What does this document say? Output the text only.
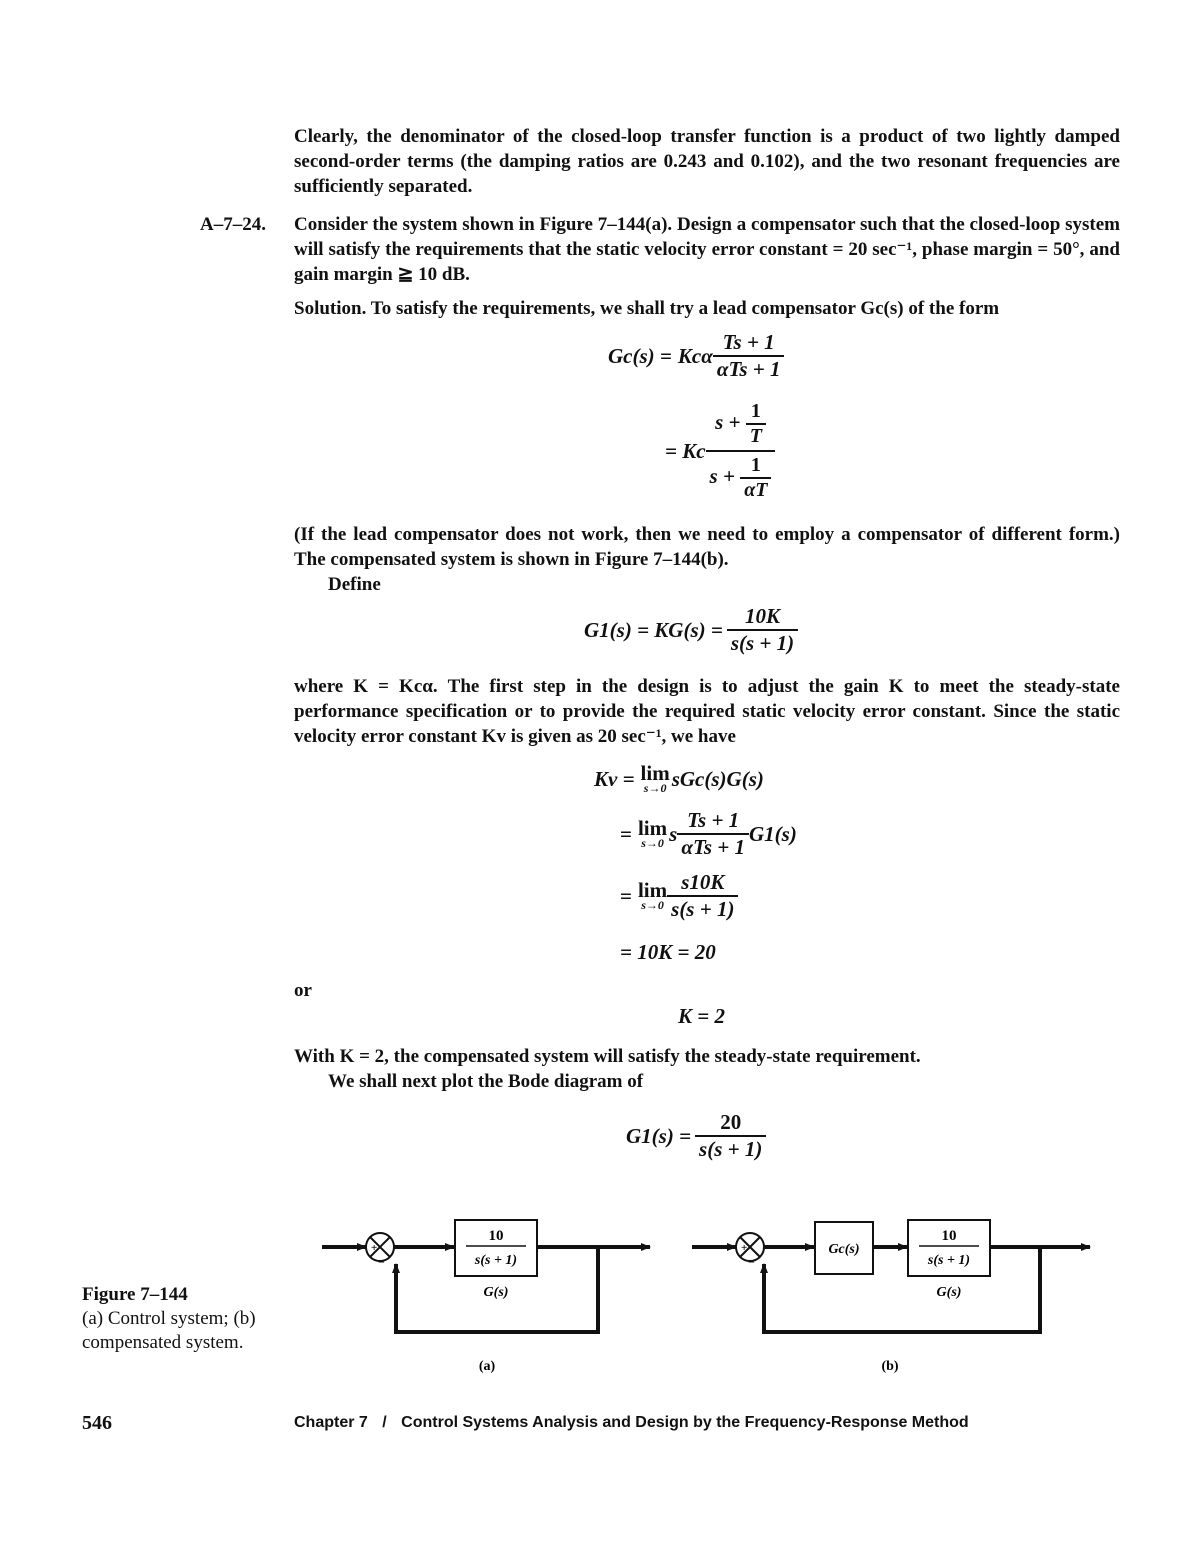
Clearly, the denominator of the closed-loop transfer function is a product of two lightly damped second-order terms (the damping ratios are 0.243 and 0.102), and the two resonant frequencies are sufficiently separated.
A–7–24.	Consider the system shown in Figure 7–144(a). Design a compensator such that the closed-loop system will satisfy the requirements that the static velocity error constant = 20 sec⁻¹, phase margin = 50°, and gain margin ≧ 10 dB.
Solution. To satisfy the requirements, we shall try a lead compensator Gc(s) of the form
Gc(s) = Kcα $\frac{Ts + 1}{\text{αTs + 1}}$
= Kc $\frac{s + \frac{1}{T}}{s + \frac{1}{\alpha T}}$
(If the lead compensator does not work, then we need to employ a compensator of different form.) The compensated system is shown in Figure 7–144(b).
Define
$G1(s) = KG(s) = \frac{10K}{s(s + 1)}$
where K = Kcα. The first step in the design is to adjust the gain K to meet the steady-state performance specification or to provide the required static velocity error constant. Since the static velocity error constant Kv is given as 20 sec⁻¹, we have
Kv = lim
s→0 sGc(s)G(s)
= lim
s→0 s $\frac{Ts + 1}{\text{αTs + 1}} G1(s)$
= lim
$s\to 0 \frac{s10K}{s(s + 1)}$
= 10K = 20
or
K = 2
With K = 2, the compensated system will satisfy the steady-state requirement.
We shall next plot the Bode diagram of
$G1(s) = \frac{20}{s(s + 1)}$
Figure 7–144
(a) Control system; (b) compensated system.
+
−
10
s(s + 1)
G(s)
(a)
+
−
Gc(s)
10
s(s + 1)
G(s)
(b)
546	Chapter 7 / Control Systems Analysis and Design by the Frequency-Response Method
